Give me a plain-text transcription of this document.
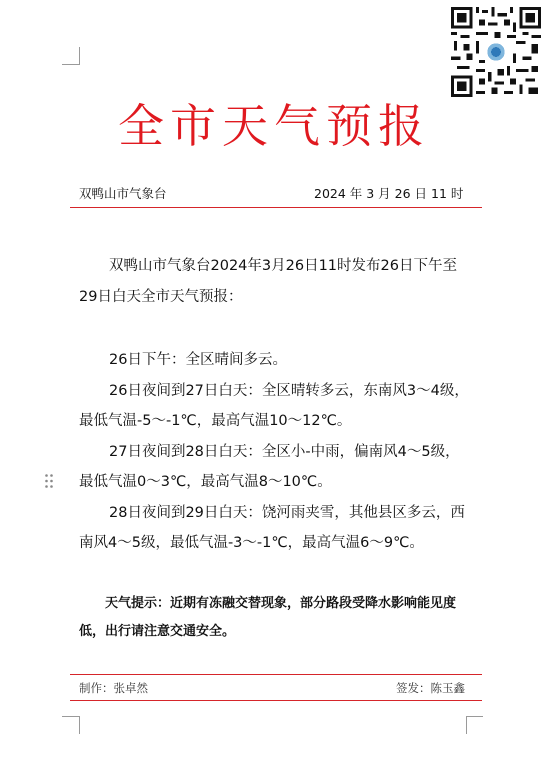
全市天气预报
双鸭山市气象台	2024 年 3 月 26 日 11 时

双鸭山市气象台2024年3月26日11时发布26日下午至29日白天全市天气预报：

26日下午：全区晴间多云。

26日夜间到27日白天：全区晴转多云，东南风3～4级，最低气温-5～-1℃，最高气温10～12℃。

27日夜间到28日白天：全区小-中雨，偏南风4～5级，最低气温0～3℃，最高气温8～10℃。

28日夜间到29日白天：饶河雨夹雪，其他县区多云，西南风4～5级，最低气温-3～-1℃，最高气温6～9℃。

天气提示：近期有冻融交替现象，部分路段受降水影响能见度低，出行请注意交通安全。
制作：张卓然	签发：陈玉鑫
